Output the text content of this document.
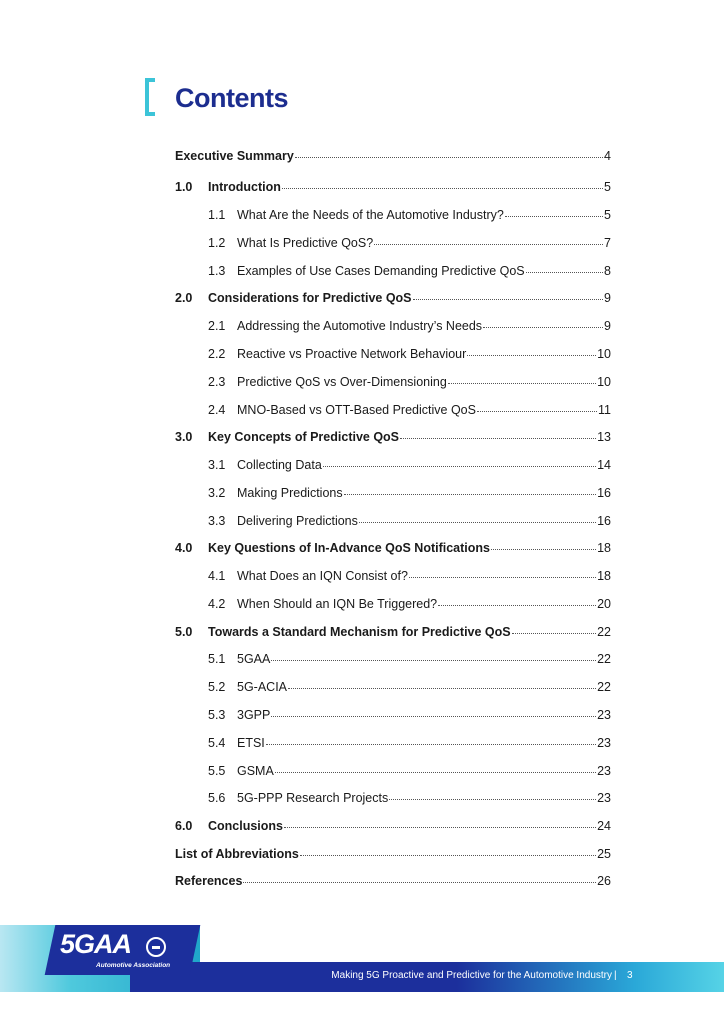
Contents
Executive Summary	4
1.0	Introduction	5
1.1 What Are the Needs of the Automotive Industry?	5
1.2 What Is Predictive QoS?	7
1.3 Examples of Use Cases Demanding Predictive QoS	8
2.0	Considerations for Predictive QoS	9
2.1 Addressing the Automotive Industry’s Needs	9
2.2 Reactive vs Proactive Network Behaviour	10
2.3 Predictive QoS vs Over-Dimensioning	10
2.4 MNO-Based vs OTT-Based Predictive QoS	11
3.0	Key Concepts of Predictive QoS	13
3.1 Collecting Data	14
3.2 Making Predictions	16
3.3 Delivering Predictions	16
4.0	Key Questions of In-Advance QoS Notifications	18
4.1 What Does an IQN Consist of?	18
4.2 When Should an IQN Be Triggered?	20
5.0	Towards a Standard Mechanism for Predictive QoS	22
5.1 5GAA	22
5.2 5G-ACIA	22
5.3 3GPP	23
5.4 ETSI	23
5.5 GSMA	23
5.6 5G-PPP Research Projects	23
6.0	Conclusions	24
List of Abbreviations	25
References	26
5GAA
Automotive Association
Making 5G Proactive and Predictive for the Automotive Industry | 3
